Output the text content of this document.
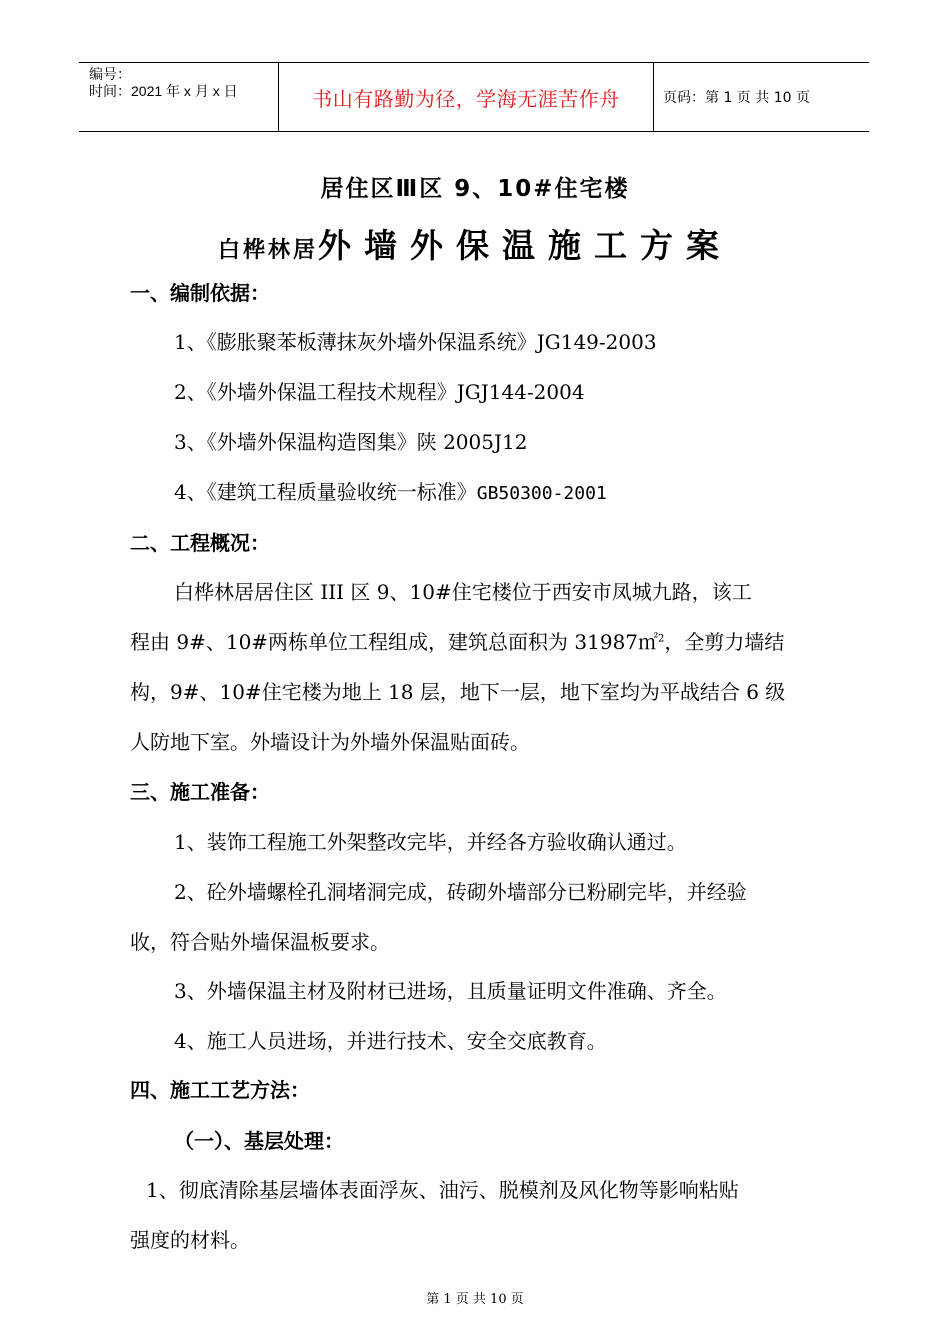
编号：
时间：2021 年 x 月 x 日	书山有路勤为径，学海无涯苦作舟	页码：第 1 页 共 10 页
居住区Ⅲ区 9、10#住宅楼
白桦林居外墙外保温施工方案
一、编制依据：
1、《膨胀聚苯板薄抹灰外墙外保温系统》JG149-2003
2、《外墙外保温工程技术规程》JGJ144-2004
3、《外墙外保温构造图集》陕 2005J12
4、《建筑工程质量验收统一标准》GB50300-2001
二、工程概况：
白桦林居居住区 III 区 9、10#住宅楼位于西安市凤城九路，该工
程由 9#、10#两栋单位工程组成，建筑总面积为 31987㎡$^2$，全剪力墙结
构，9#、10#住宅楼为地上 18 层，地下一层，地下室均为平战结合 6 级
人防地下室。外墙设计为外墙外保温贴面砖。
三、施工准备：
1、装饰工程施工外架整改完毕，并经各方验收确认通过。
2、砼外墙螺栓孔洞堵洞完成，砖砌外墙部分已粉刷完毕，并经验
收，符合贴外墙保温板要求。
3、外墙保温主材及附材已进场，且质量证明文件准确、齐全。
4、施工人员进场，并进行技术、安全交底教育。
四、施工工艺方法：
（一）、基层处理：
1、彻底清除基层墙体表面浮灰、油污、脱模剂及风化物等影响粘贴
强度的材料。
第 1 页 共 10 页
